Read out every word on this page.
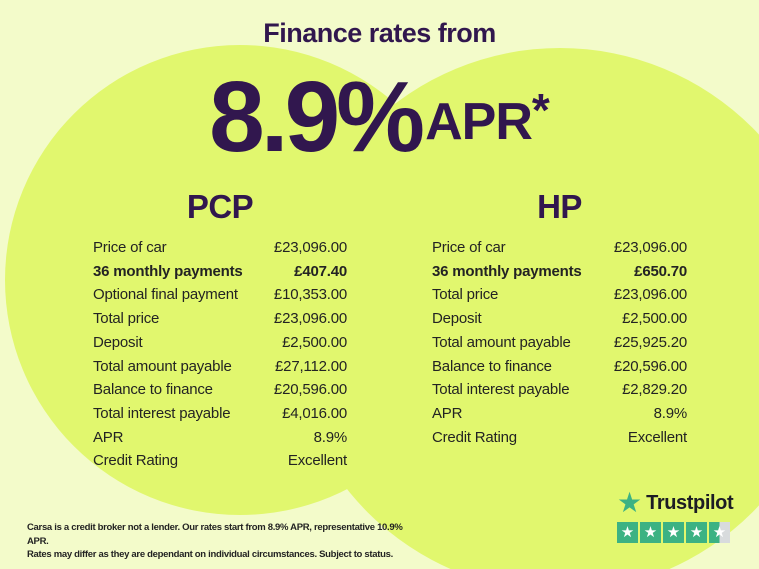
Finance rates from
8.9% APR *
PCP
Price of car	£23,096.00
36 monthly payments	£407.40
Optional final payment £10,353.00
Total price	£23,096.00
Deposit	£2,500.00
Total amount payable	£27,112.00
Balance to finance	£20,596.00
Total interest payable	£4,016.00
APR	8.9%
Credit Rating	Excellent
HP
Price of car	£23,096.00
36 monthly payments	£650.70
Total price	£23,096.00
Deposit	£2,500.00
Total amount payable	£25,925.20
Balance to finance	£20,596.00
Total interest payable	£2,829.20
APR	8.9%
Credit Rating	Excellent
Carsa is a credit broker not a lender. Our rates start from 8.9% APR, representative 10.9% APR.
Rates may differ as they are dependant on individual circumstances. Subject to status.
★ Trustpilot
★ ★ ★ ★ ★
